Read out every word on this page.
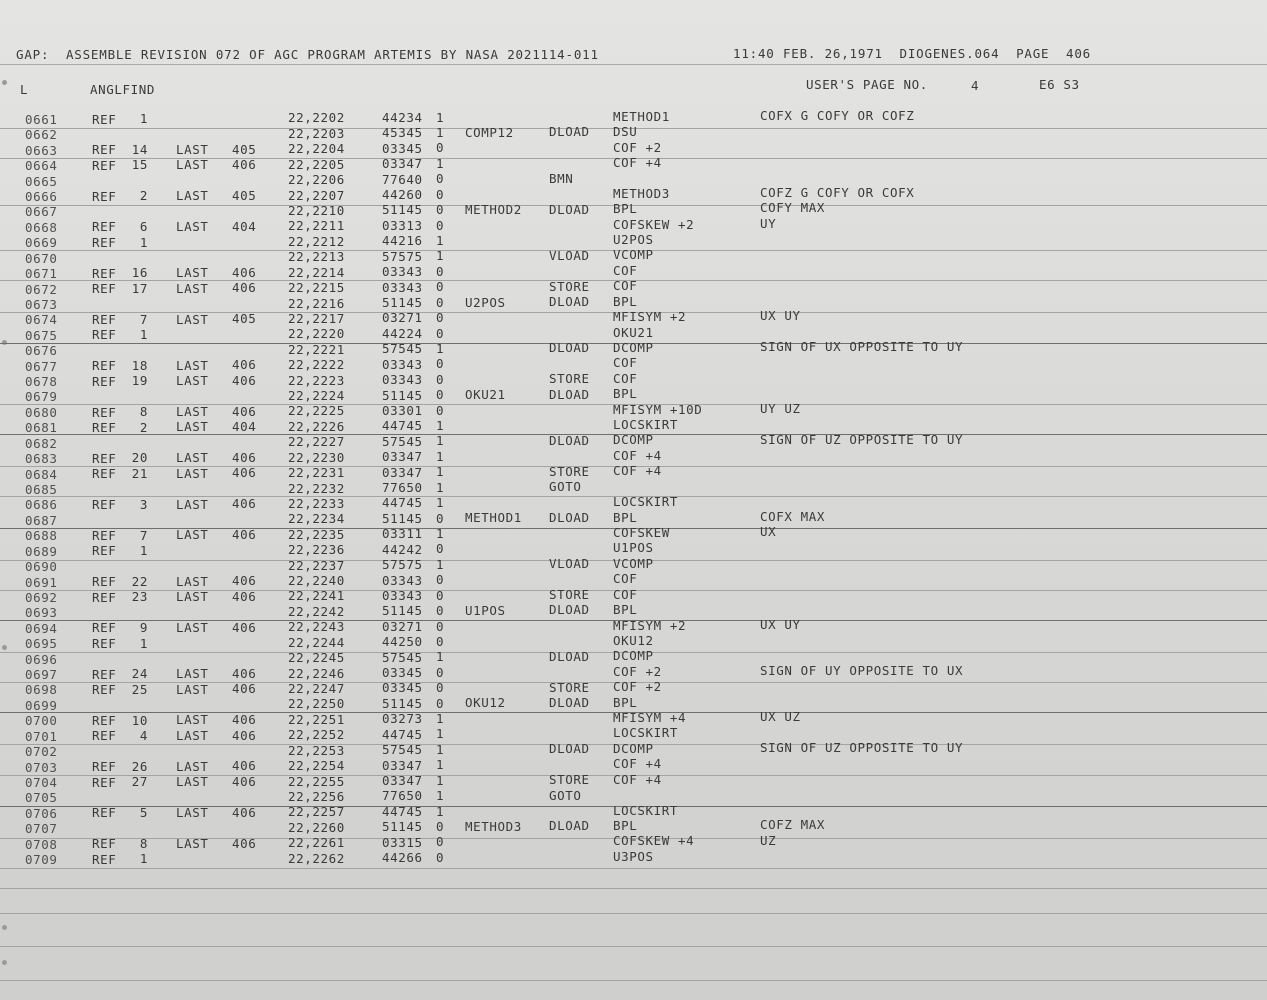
GAP:  ASSEMBLE REVISION 072 OF AGC PROGRAM ARTEMIS BY NASA 2021114-011	11:40 FEB. 26,1971  DIOGENES.064  PAGE  406
L	ANGLFIND	USER'S PAGE NO.	4	E6 S3
0661	REF 1	22,2202	44234 1	METHOD1	COFX G COFY OR COFZ
0662	22,2203	45345 1 COMP12	DLOAD DSU
0663	REF 14 LAST 405	22,2204	03345 0	COF +2
0664	REF 15 LAST 406	22,2205	03347 1	COF +4
0665	22,2206	77640 0	BMN
0666	REF 2 LAST 405	22,2207	44260 0	METHOD3	COFZ G COFY OR COFX
0667	22,2210	51145 0 METHOD2 DLOAD BPL	COFY MAX
0668	REF 6 LAST 404	22,2211	03313 0	COFSKEW +2	UY
0669	REF 1	22,2212	44216 1	U2POS
0670	22,2213	57575 1	VLOAD VCOMP
0671	REF 16 LAST 406	22,2214	03343 0	COF
0672	REF 17 LAST 406	22,2215	03343 0	STORE COF
0673	22,2216	51145 0 U2POS	DLOAD BPL
0674	REF 7 LAST 405	22,2217	03271 0	MFISYM +2	UX UY
0675	REF 1	22,2220	44224 0	OKU21
0676	22,2221	57545 1	DLOAD DCOMP	SIGN OF UX OPPOSITE TO UY
0677	REF 18 LAST 406	22,2222	03343 0	COF
0678	REF 19 LAST 406	22,2223	03343 0	STORE COF
0679	22,2224	51145 0 OKU21	DLOAD BPL
0680	REF 8 LAST 406	22,2225	03301 0	MFISYM +10D	UY UZ
0681	REF 2 LAST 404	22,2226	44745 1	LOCSKIRT
0682	22,2227	57545 1	DLOAD DCOMP	SIGN OF UZ OPPOSITE TO UY
0683	REF 20 LAST 406	22,2230	03347 1	COF +4
0684	REF 21 LAST 406	22,2231	03347 1	STORE COF +4
0685	22,2232	77650 1	GOTO
0686	REF 3 LAST 406	22,2233	44745 1	LOCSKIRT
0687	22,2234	51145 0 METHOD1 DLOAD BPL	COFX MAX
0688	REF 7 LAST 406	22,2235	03311 1	COFSKEW	UX
0689	REF 1	22,2236	44242 0	U1POS
0690	22,2237	57575 1	VLOAD VCOMP
0691	REF 22 LAST 406	22,2240	03343 0	COF
0692	REF 23 LAST 406	22,2241	03343 0	STORE COF
0693	22,2242	51145 0 U1POS	DLOAD BPL
0694	REF 9 LAST 406	22,2243	03271 0	MFISYM +2	UX UY
0695	REF 1	22,2244	44250 0	OKU12
0696	22,2245	57545 1	DLOAD DCOMP
0697	REF 24 LAST 406	22,2246	03345 0	COF +2	SIGN OF UY OPPOSITE TO UX
0698	REF 25 LAST 406	22,2247	03345 0	STORE COF +2
0699	22,2250	51145 0 OKU12	DLOAD BPL
0700	REF 10 LAST 406	22,2251	03273 1	MFISYM +4	UX UZ
0701	REF 4 LAST 406	22,2252	44745 1	LOCSKIRT
0702	22,2253	57545 1	DLOAD DCOMP	SIGN OF UZ OPPOSITE TO UY
0703	REF 26 LAST 406	22,2254	03347 1	COF +4
0704	REF 27 LAST 406	22,2255	03347 1	STORE COF +4
0705	22,2256	77650 1	GOTO
0706	REF 5 LAST 406	22,2257	44745 1	LOCSKIRT
0707	22,2260	51145 0 METHOD3 DLOAD BPL	COFZ MAX
0708	REF 8 LAST 406	22,2261	03315 0	COFSKEW +4	UZ
0709	REF 1	22,2262	44266 0	U3POS
